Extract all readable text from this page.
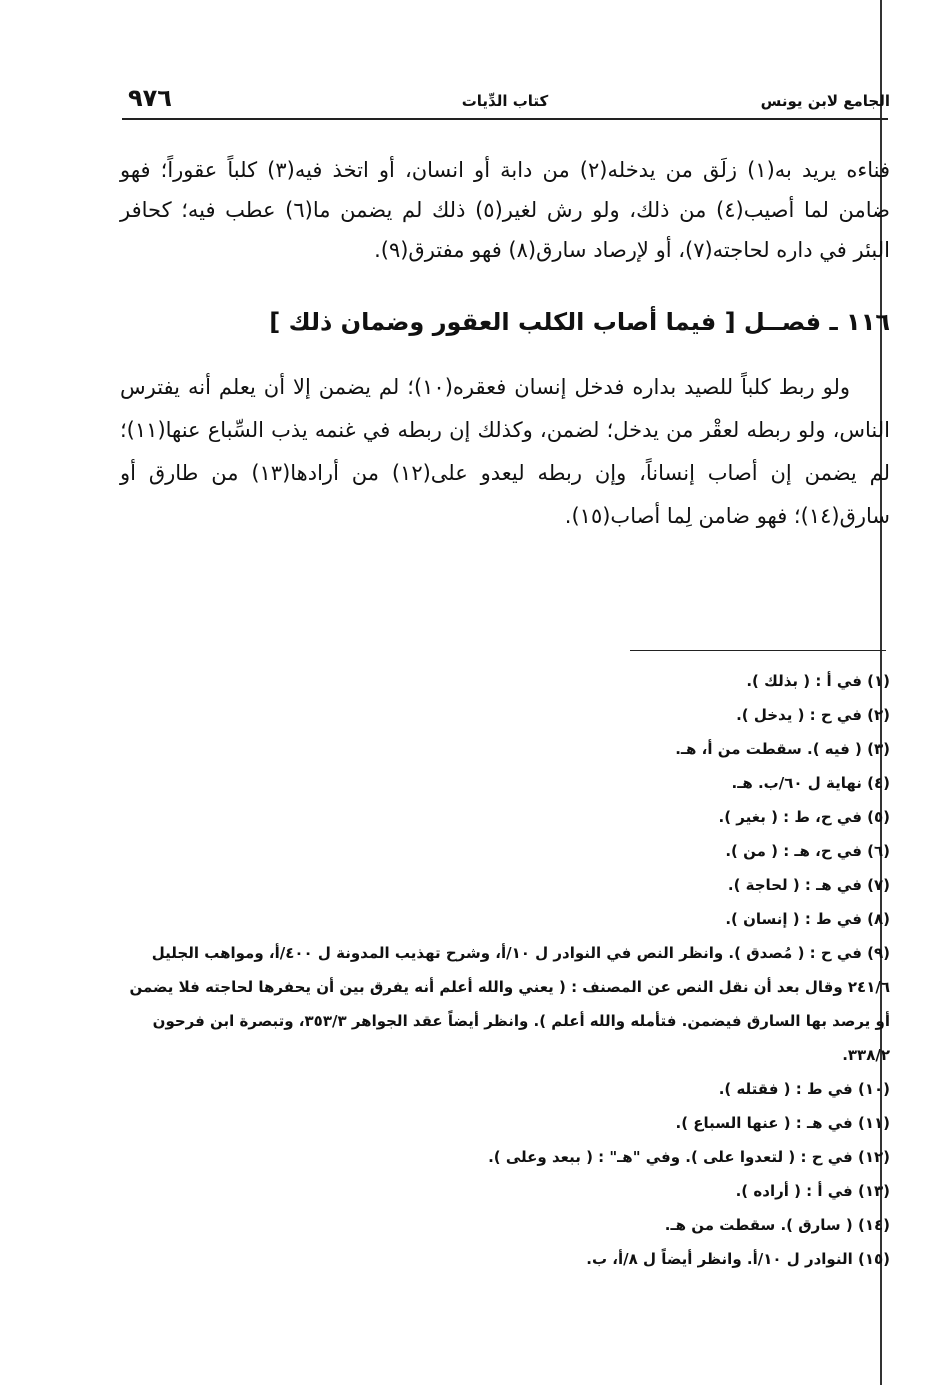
الجامع لابن يونس
كتاب الدِّيات
٩٧٦

فناءه يريد به(١) زلَق من يدخله(٢) من دابة أو انسان، أو اتخذ فيه(٣) كلباً عقوراً؛ فهو ضامن لما أصيب(٤) من ذلك، ولو رش لغير(٥) ذلك لم يضمن ما(٦) عطب فيه؛ كحافر البئر في داره لحاجته(٧)، أو لإرصاد سارق(٨) فهو مفترق(٩).

١١٦ ـ فصــل [ فيما أصاب الكلب العقور وضمان ذلك ]

ولو ربط كلباً للصيد بداره فدخل إنسان فعقره(١٠)؛ لم يضمن إلا أن يعلم أنه يفترس الناس، ولو ربطه لعقْر من يدخل؛ لضمن، وكذلك إن ربطه في غنمه يذب السِّباع عنها(١١)؛ لم يضمن إن أصاب إنساناً، وإن ربطه ليعدو على(١٢) من أرادها(١٣) من طارق أو سارق(١٤)؛ فهو ضامن لِما أصاب(١٥).

(١) في أ : ( بذلك ).

(٢) في ح : ( يدخل ).

(٣) ( فيه ). سقطت من أ، هـ.

(٤) نهاية ل ٦٠/ب. هـ.

(٥) في ح، ط : ( بغير ).

(٦) في ح، هـ : ( من ).

(٧) في هـ : ( لحاجة ).

(٨) في ط : ( إنسان ).

(٩) في ح : ( مُصدق ). وانظر النص في النوادر ل ١٠/أ، وشرح تهذيب المدونة ل ٤٠٠/أ، ومواهب الجليل ٢٤١/٦ وقال بعد أن نقل النص عن المصنف : ( يعني والله أعلم أنه يفرق بين أن يحفرها لحاجته فلا يضمن أو يرصد بها السارق فيضمن. فتأمله والله أعلم ). وانظر أيضاً عقد الجواهر ٣٥٣/٣، وتبصرة ابن فرحون ٣٣٨/٢.

(١٠) في ط : ( فقتله ).

(١١) في هـ : ( عنها السباع ).

(١٢) في ح : ( لتعدوا على ). وفي "هـ" : ( ببعد وعلى ).

(١٣) في أ : ( أراده ).

(١٤) ( سارق ). سقطت من هـ.

(١٥) النوادر ل ١٠/أ. وانظر أيضاً ل ٨/أ، ب.
